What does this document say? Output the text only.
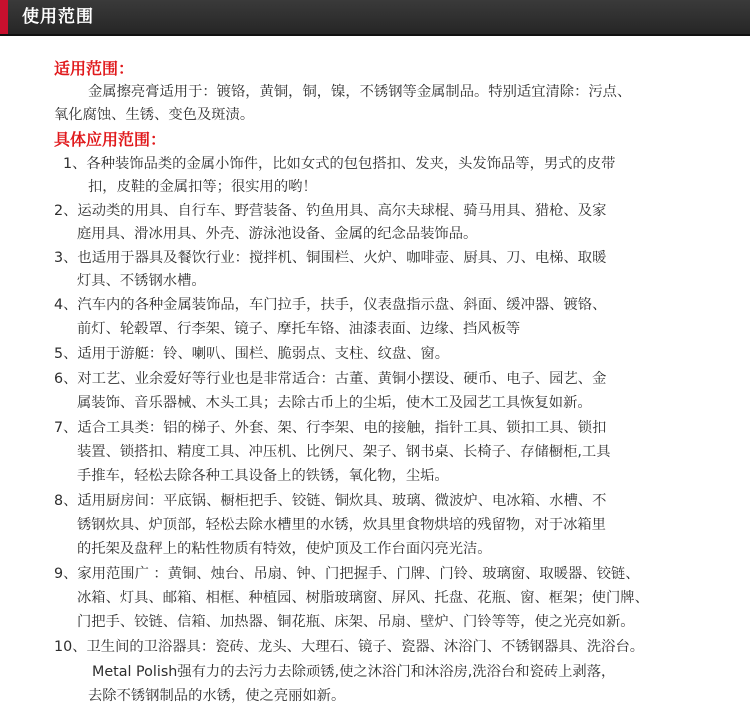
使用范围
适用范围：
金属擦亮膏适用于：镀铬，黄铜，铜，镍，不锈钢等金属制品。特别适宜清除：污点、
氧化腐蚀、生锈、变色及斑渍。
具体应用范围：
1、各种装饰品类的金属小饰件，比如女式的包包搭扣、发夹，头发饰品等，男式的皮带
扣，皮鞋的金属扣等；很实用的哟！
2、运动类的用具、自行车、野营装备、钓鱼用具、高尔夫球棍、骑马用具、猎枪、及家
庭用具、滑冰用具、外壳、游泳池设备、金属的纪念品装饰品。
3、也适用于器具及餐饮行业：搅拌机、铜围栏、火炉、咖啡壶、厨具、刀、电梯、取暖
灯具、不锈钢水槽。
4、汽车内的各种金属装饰品，车门拉手，扶手，仪表盘指示盘、斜面、缓冲器、镀铬、
前灯、轮毂罩、行李架、镜子、摩托车铬、油漆表面、边缘、挡风板等
5、适用于游艇：铃、喇叭、围栏、脆弱点、支柱、纹盘、窗。
6、对工艺、业余爱好等行业也是非常适合：古董、黄铜小摆设、硬币、电子、园艺、金
属装饰、音乐器械、木头工具；去除古币上的尘垢，使木工及园艺工具恢复如新。
7、适合工具类：铝的梯子、外套、架、行李架、电的接触，指针工具、锁扣工具、锁扣
装置、锁搭扣、精度工具、冲压机、比例尺、架子、钢书桌、长椅子、存储橱柜,工具
手推车，轻松去除各种工具设备上的铁锈，氧化物，尘垢。
8、适用厨房间：平底锅、橱柜把手、铰链、铜炊具、玻璃、微波炉、电冰箱、水槽、不
锈钢炊具、炉顶部，轻松去除水槽里的水锈，炊具里食物烘培的残留物，对于冰箱里
的托架及盘秤上的粘性物质有特效，使炉顶及工作台面闪亮光洁。
9、家用范围广 ：黄铜、烛台、吊扇、钟、门把握手、门牌、门铃、玻璃窗、取暖器、铰链、
冰箱、灯具、邮箱、相框、种植园、树脂玻璃窗、屏风、托盘、花瓶、窗、框架；使门牌、
门把手、铰链、信箱、加热器、铜花瓶、床架、吊扇、壁炉、门铃等等，使之光亮如新。
10、卫生间的卫浴器具：瓷砖、龙头、大理石、镜子、瓷器、沐浴门、不锈钢器具、洗浴台。
Metal Polish强有力的去污力去除顽锈,使之沐浴门和沐浴房,洗浴台和瓷砖上剥落，
去除不锈钢制品的水锈，使之亮丽如新。
